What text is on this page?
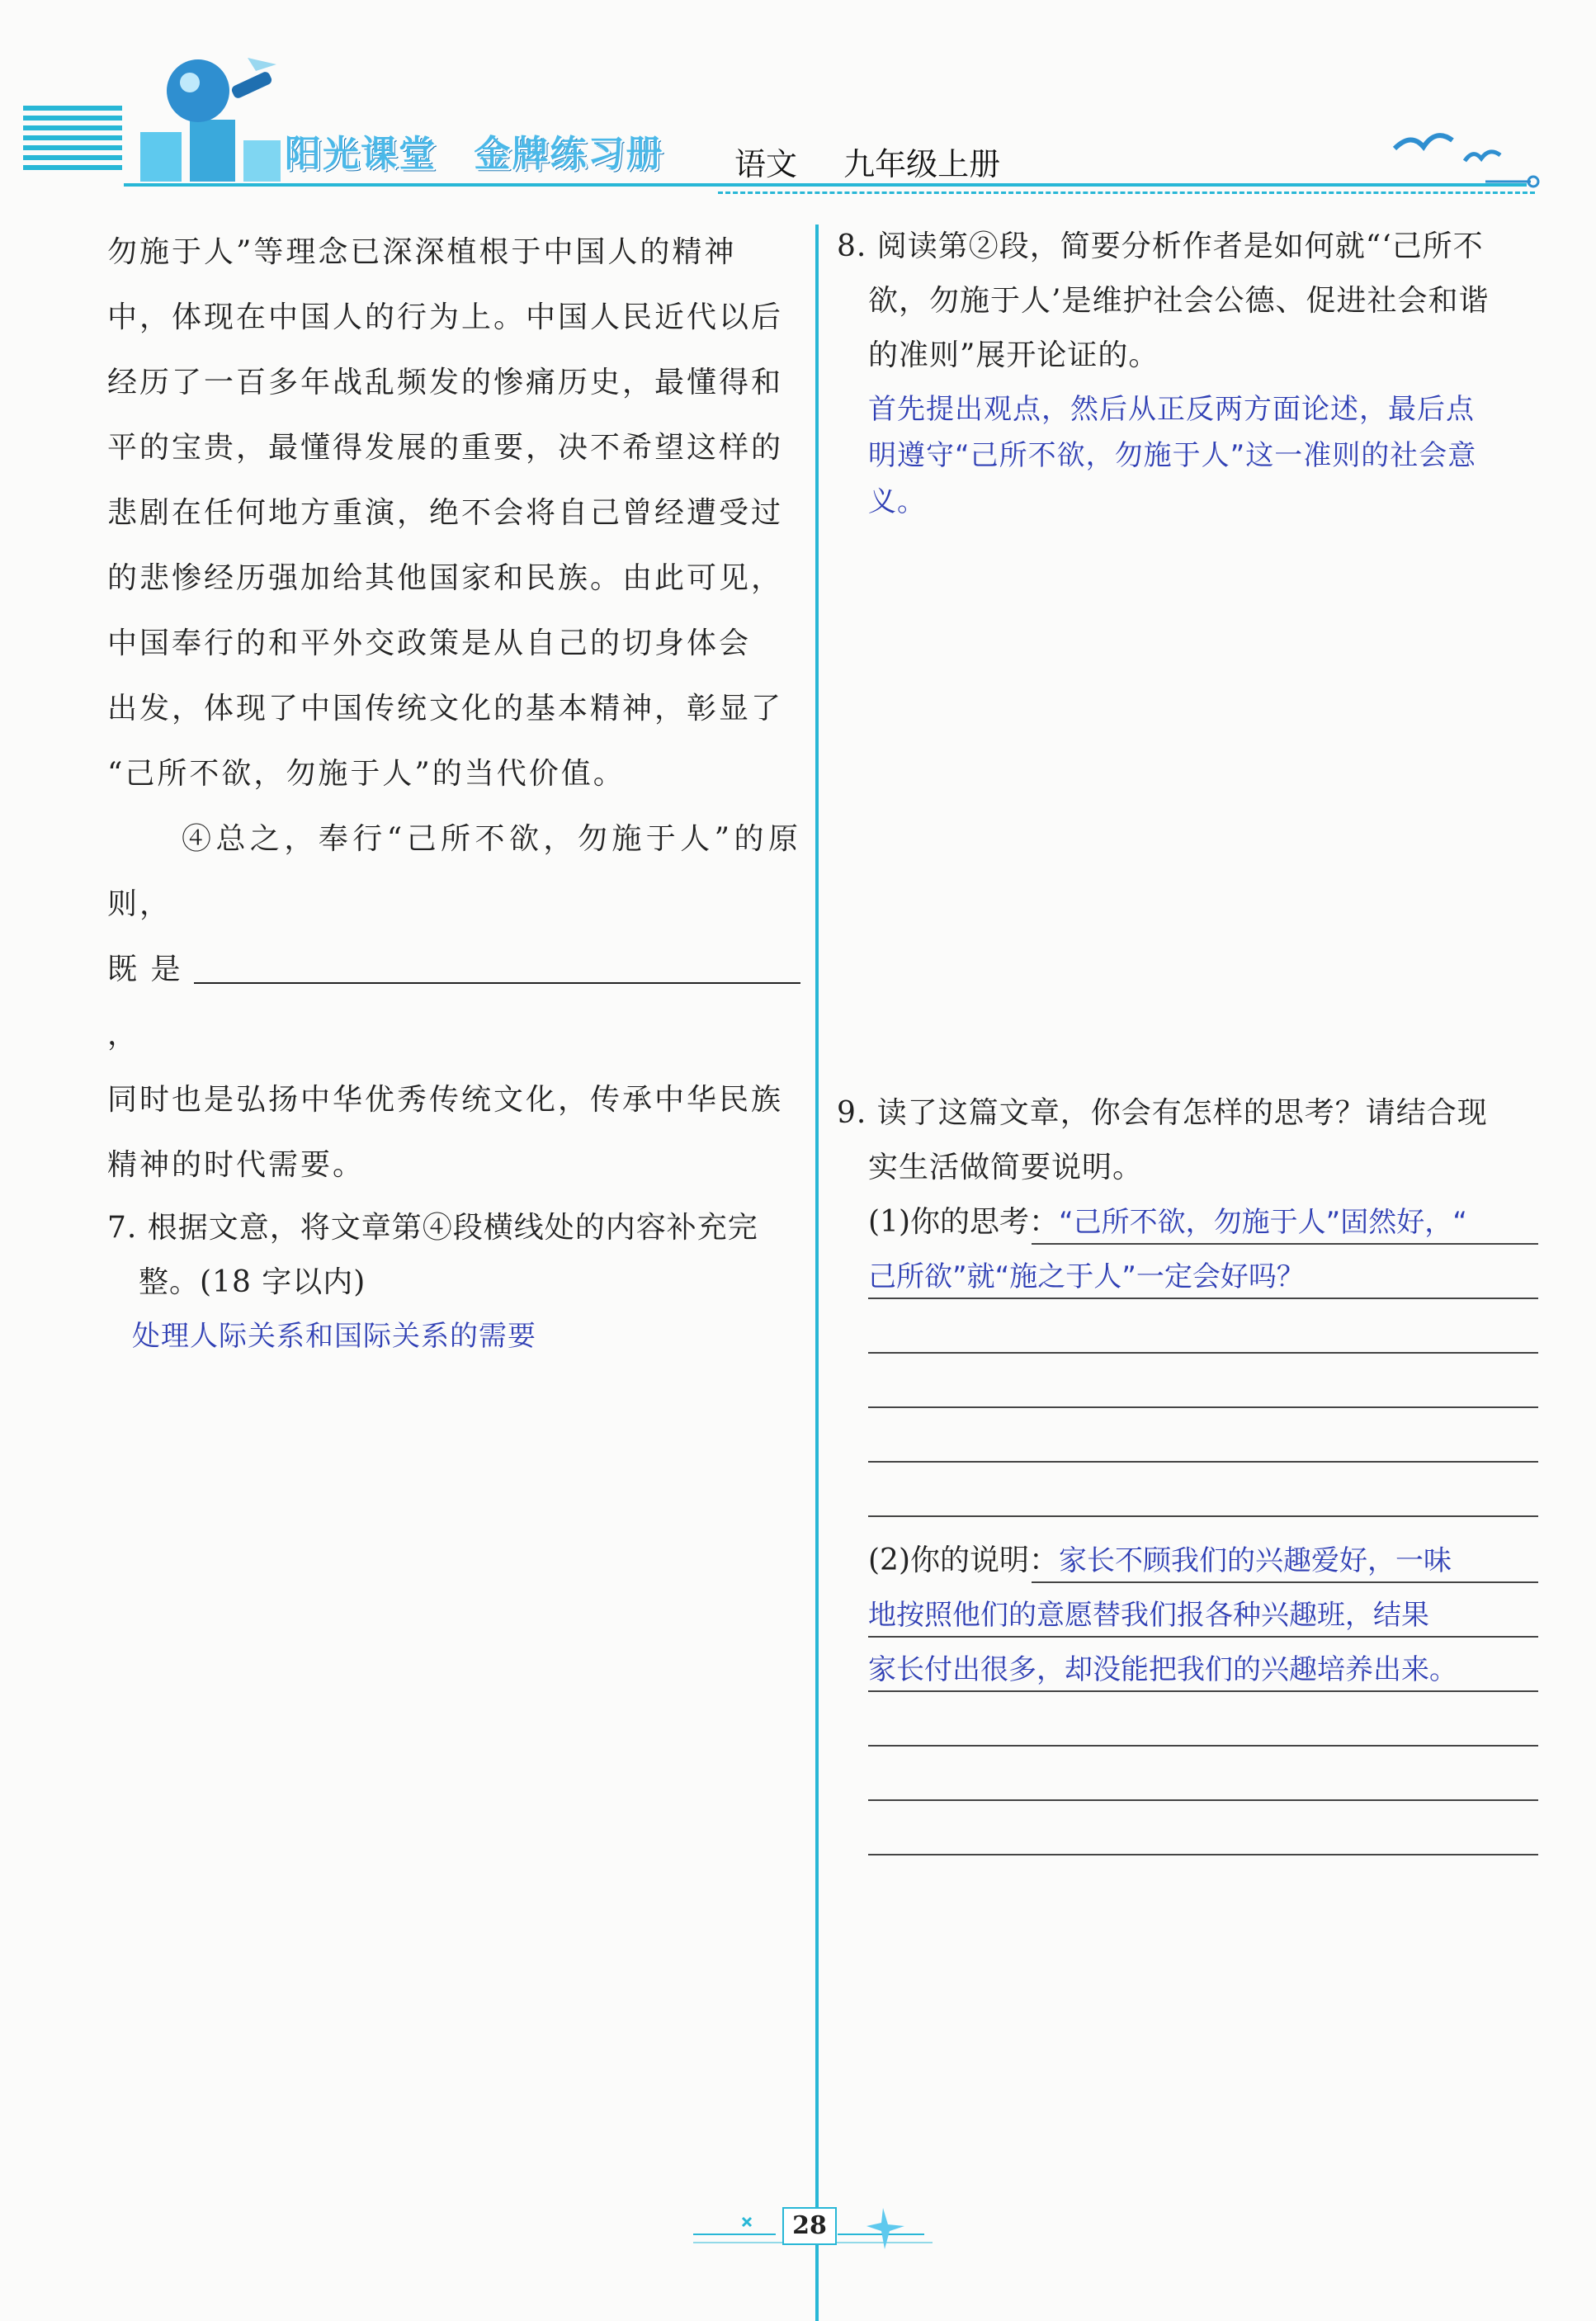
阳光课堂 金牌练习册	语文 九年级上册

勿施于人”等理念已深深植根于中国人的精神

中，体现在中国人的行为上。中国人民近代以后

经历了一百多年战乱频发的惨痛历史，最懂得和

平的宝贵，最懂得发展的重要，决不希望这样的

悲剧在任何地方重演，绝不会将自己曾经遭受过

的悲惨经历强加给其他国家和民族。由此可见，

中国奉行的和平外交政策是从自己的切身体会

出发，体现了中国传统文化的基本精神，彰显了

“己所不欲，勿施于人”的当代价值。

④总之，奉行“己所不欲，勿施于人”的原则，

既是，

同时也是弘扬中华优秀传统文化，传承中华民族

精神的时代需要。

7. 根据文意，将文章第④段横线处的内容补充完

整。(18 字以内)

处理人际关系和国际关系的需要

8. 阅读第②段，简要分析作者是如何就“‘己所不

欲，勿施于人’是维护社会公德、促进社会和谐

的准则”展开论证的。

首先提出观点，然后从正反两方面论述，最后点

明遵守“己所不欲，勿施于人”这一准则的社会意

义。

9. 读了这篇文章，你会有怎样的思考？请结合现

实生活做简要说明。

(1)你的思考：“己所不欲，勿施于人”固然好，“
己所欲”就“施之于人”一定会好吗？
(2)你的说明：家长不顾我们的兴趣爱好，一味
地按照他们的意愿替我们报各种兴趣班，结果
家长付出很多，却没能把我们的兴趣培养出来。
28
